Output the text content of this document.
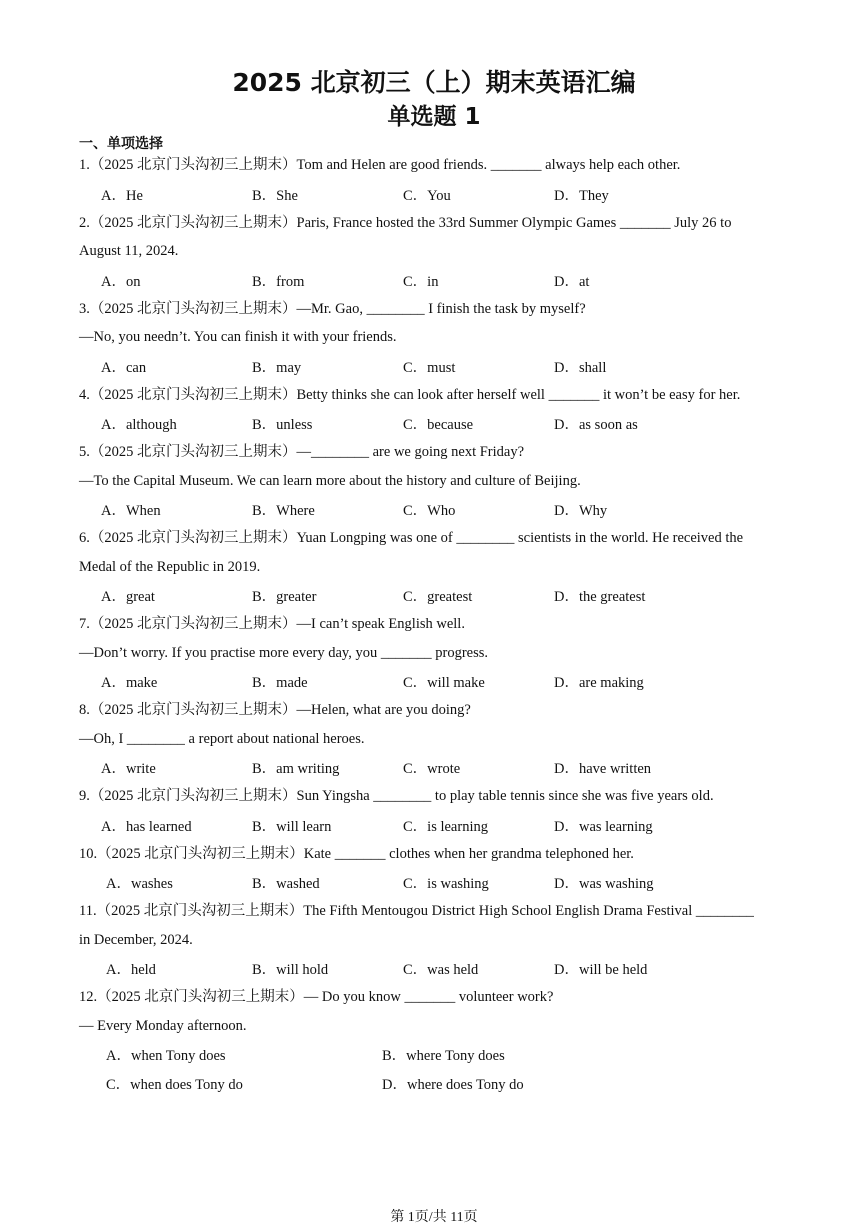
2025 北京初三（上）期末英语汇编
单选题 1
一、单项选择
1.（2025 北京门头沟初三上期末）Tom and Helen are good friends. _______ always help each other.
A．He	B．She	C．You	D．They
2.（2025 北京门头沟初三上期末）Paris, France hosted the 33rd Summer Olympic Games _______ July 26 to
August 11, 2024.
A．on	B．from	C．in	D．at
3.（2025 北京门头沟初三上期末）—Mr. Gao, ________ I finish the task by myself?
—No, you needn’t. You can finish it with your friends.
A．can	B．may	C．must	D．shall
4.（2025 北京门头沟初三上期末）Betty thinks she can look after herself well _______ it won’t be easy for her.
A．although	B．unless	C．because	D．as soon as
5.（2025 北京门头沟初三上期末）—________ are we going next Friday?
—To the Capital Museum. We can learn more about the history and culture of Beijing.
A．When	B．Where	C．Who	D．Why
6.（2025 北京门头沟初三上期末）Yuan Longping was one of ________ scientists in the world. He received the
Medal of the Republic in 2019.
A．great	B．greater	C．greatest	D．the greatest
7.（2025 北京门头沟初三上期末）—I can’t speak English well.
—Don’t worry. If you practise more every day, you _______ progress.
A．make	B．made	C．will make	D．are making
8.（2025 北京门头沟初三上期末）—Helen, what are you doing?
—Oh, I ________ a report about national heroes.
A．write	B．am writing	C．wrote	D．have written
9.（2025 北京门头沟初三上期末）Sun Yingsha ________ to play table tennis since she was five years old.
A．has learned	B．will learn	C．is learning	D．was learning
10.（2025 北京门头沟初三上期末）Kate _______ clothes when her grandma telephoned her.
A．washes	B．washed	C．is washing	D．was washing
11.（2025 北京门头沟初三上期末）The Fifth Mentougou District High School English Drama Festival ________
in December, 2024.
A．held	B．will hold	C．was held	D．will be held
12.（2025 北京门头沟初三上期末）— Do you know _______ volunteer work?
— Every Monday afternoon.
A．when Tony does	B．where Tony does
C．when does Tony do	D．where does Tony do
第 1页/共 11页
